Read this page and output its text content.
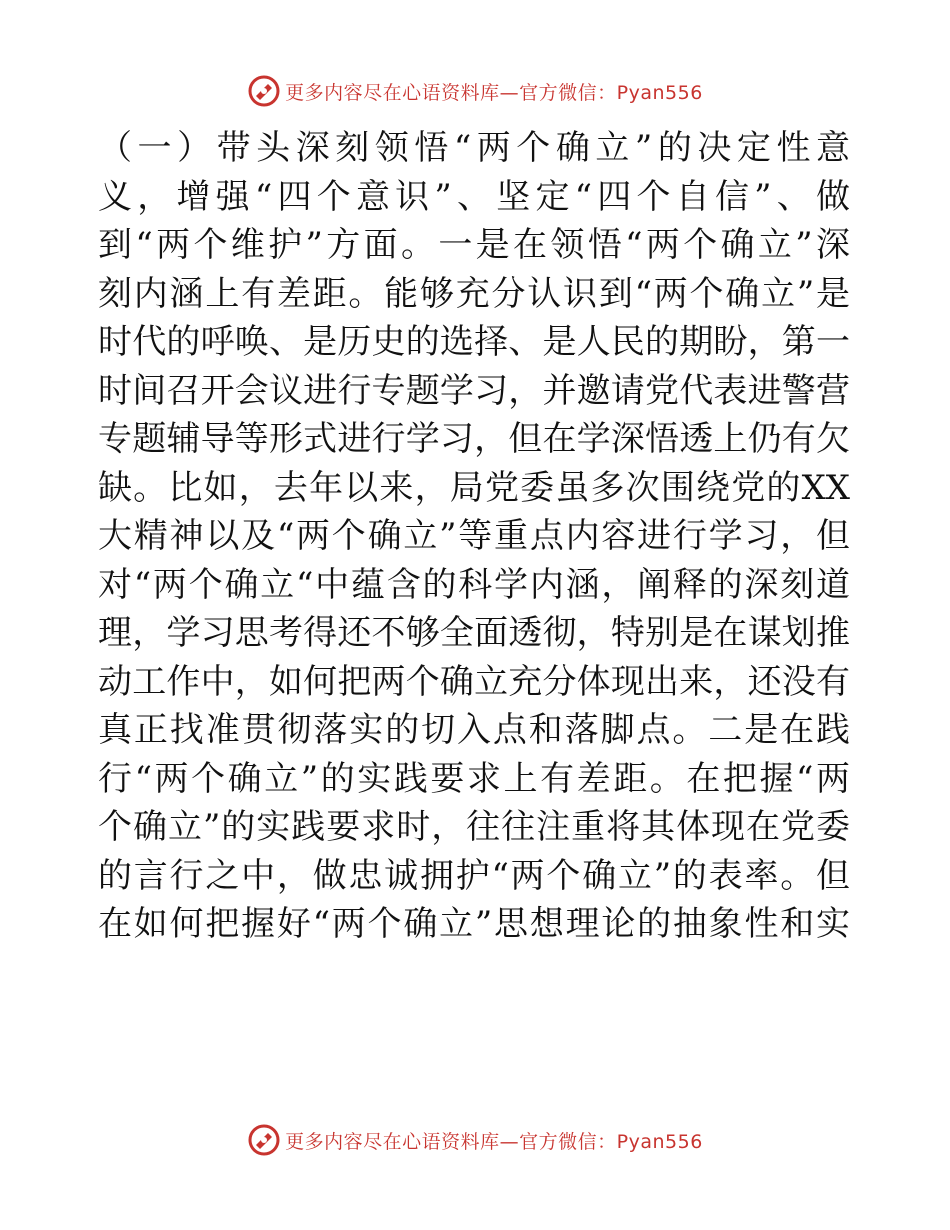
更多内容尽在心语资料库—官方微信：Pyan556
（一）带头深刻领悟“两个确立”的决定性意
义，增强“四个意识”、坚定“四个自信”、做
到“两个维护”方面。一是在领悟“两个确立”深
刻内涵上有差距。能够充分认识到“两个确立”是
时代的呼唤、是历史的选择、是人民的期盼，第一
时间召开会议进行专题学习，并邀请党代表进警营
专题辅导等形式进行学习，但在学深悟透上仍有欠
缺。比如，去年以来，局党委虽多次围绕党的XX
大精神以及“两个确立”等重点内容进行学习，但
对“两个确立“中蕴含的科学内涵，阐释的深刻道
理，学习思考得还不够全面透彻，特别是在谋划推
动工作中，如何把两个确立充分体现出来，还没有
真正找准贯彻落实的切入点和落脚点。二是在践
行“两个确立”的实践要求上有差距。在把握“两
个确立”的实践要求时，往往注重将其体现在党委
的言行之中，做忠诚拥护“两个确立”的表率。但
在如何把握好“两个确立”思想理论的抽象性和实
更多内容尽在心语资料库—官方微信：Pyan556
